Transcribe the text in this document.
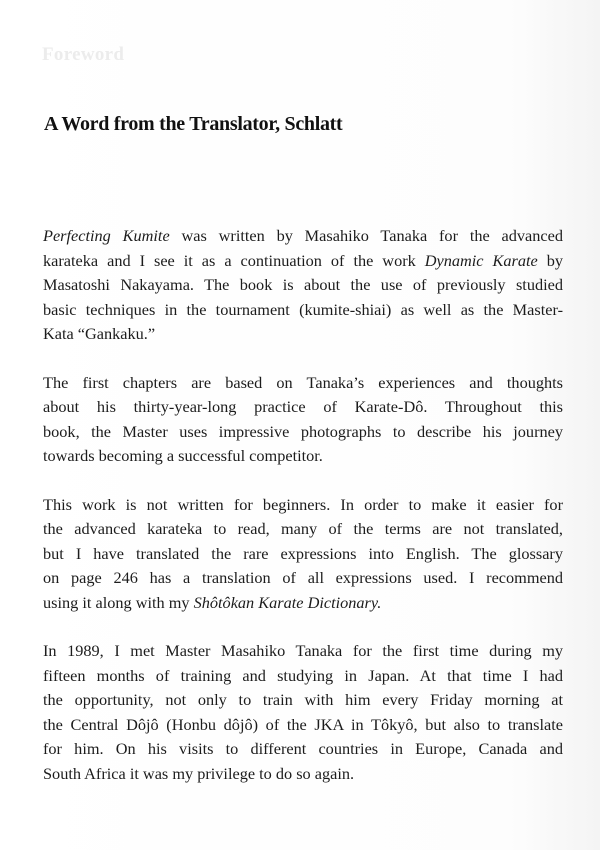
Foreword
A Word from the Translator, Schlatt

Perfecting Kumite was written by Masahiko Tanaka for the advanced
karateka and I see it as a continuation of the work Dynamic Karate by
Masatoshi Nakayama. The book is about the use of previously studied
basic techniques in the tournament (kumite-shiai) as well as the Master-
Kata “Gankaku.”

The first chapters are based on Tanaka’s experiences and thoughts
about his thirty-year-long practice of Karate-Dô. Throughout this
book, the Master uses impressive photographs to describe his journey
towards becoming a successful competitor.

This work is not written for beginners. In order to make it easier for
the advanced karateka to read, many of the terms are not translated,
but I have translated the rare expressions into English. The glossary
on page 246 has a translation of all expressions used. I recommend
using it along with my Shôtôkan Karate Dictionary.

In 1989, I met Master Masahiko Tanaka for the first time during my
fifteen months of training and studying in Japan. At that time I had
the opportunity, not only to train with him every Friday morning at
the Central Dôjô (Honbu dôjô) of the JKA in Tôkyô, but also to translate
for him. On his visits to different countries in Europe, Canada and
South Africa it was my privilege to do so again.
